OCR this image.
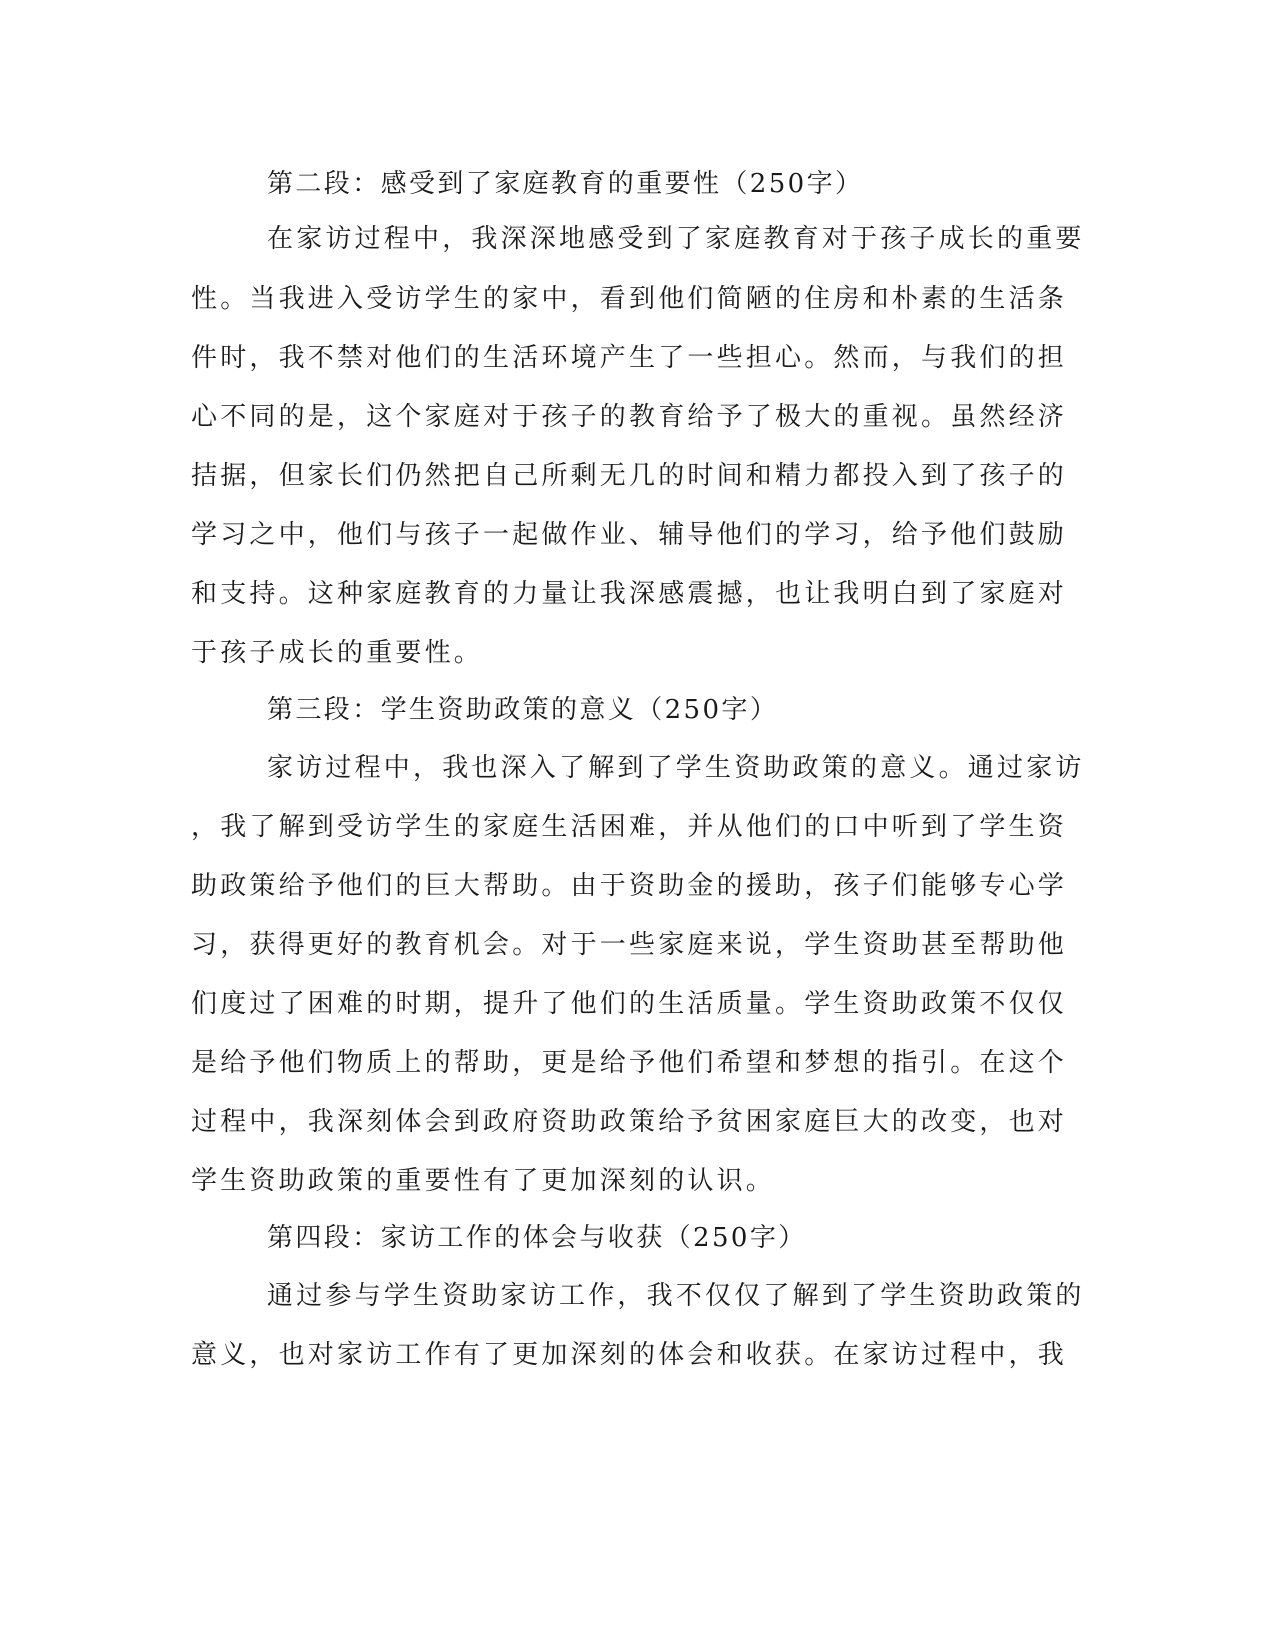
第二段：感受到了家庭教育的重要性（250字）
在家访过程中，我深深地感受到了家庭教育对于孩子成长的重要
性。当我进入受访学生的家中，看到他们简陋的住房和朴素的生活条
件时，我不禁对他们的生活环境产生了一些担心。然而，与我们的担
心不同的是，这个家庭对于孩子的教育给予了极大的重视。虽然经济
拮据，但家长们仍然把自己所剩无几的时间和精力都投入到了孩子的
学习之中，他们与孩子一起做作业、辅导他们的学习，给予他们鼓励
和支持。这种家庭教育的力量让我深感震撼，也让我明白到了家庭对
于孩子成长的重要性。
第三段：学生资助政策的意义（250字）
家访过程中，我也深入了解到了学生资助政策的意义。通过家访
，我了解到受访学生的家庭生活困难，并从他们的口中听到了学生资
助政策给予他们的巨大帮助。由于资助金的援助，孩子们能够专心学
习，获得更好的教育机会。对于一些家庭来说，学生资助甚至帮助他
们度过了困难的时期，提升了他们的生活质量。学生资助政策不仅仅
是给予他们物质上的帮助，更是给予他们希望和梦想的指引。在这个
过程中，我深刻体会到政府资助政策给予贫困家庭巨大的改变，也对
学生资助政策的重要性有了更加深刻的认识。
第四段：家访工作的体会与收获（250字）
通过参与学生资助家访工作，我不仅仅了解到了学生资助政策的
意义，也对家访工作有了更加深刻的体会和收获。在家访过程中，我
